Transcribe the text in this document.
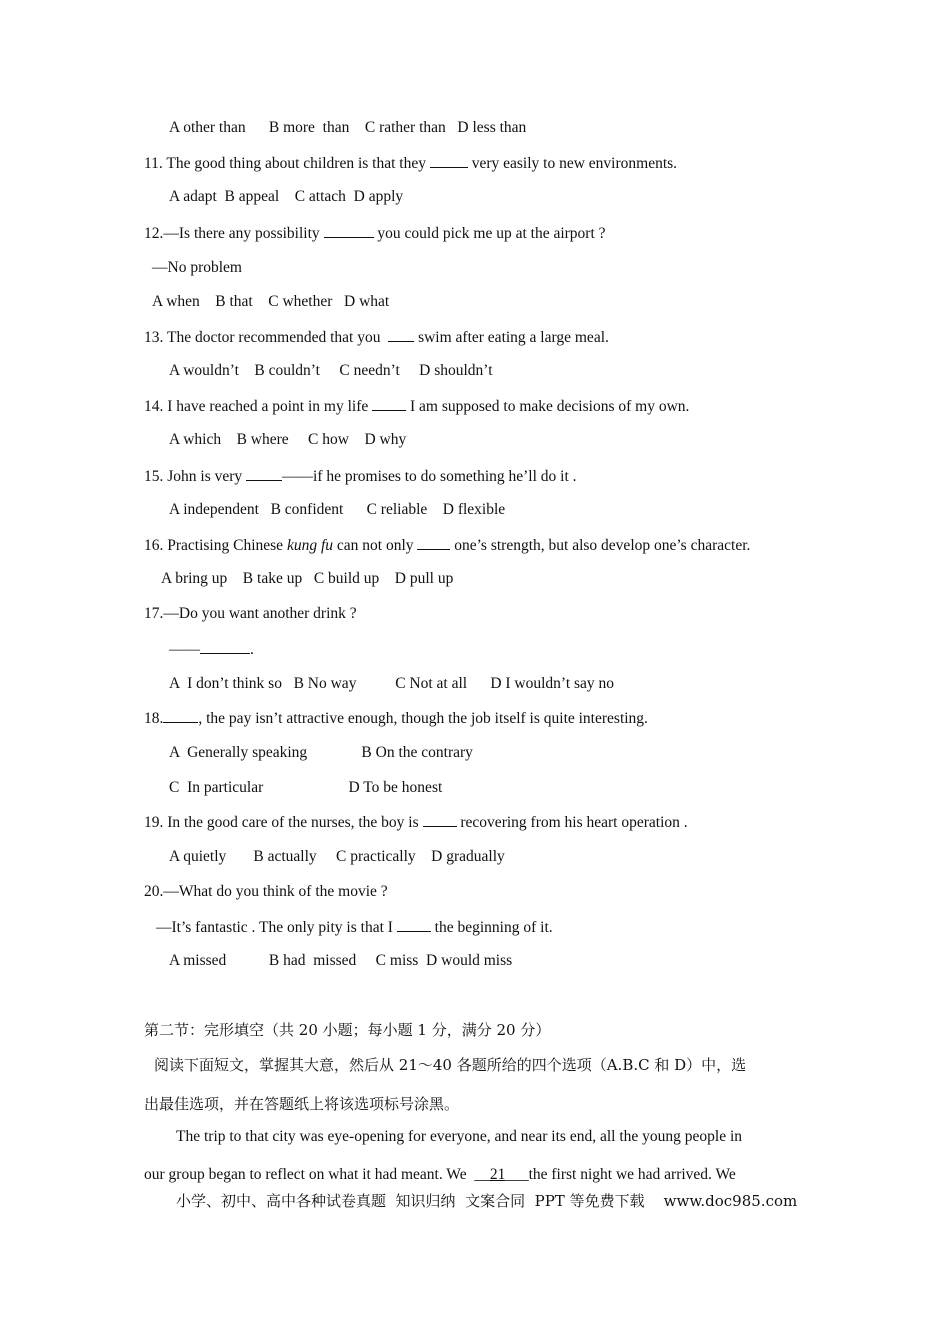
A other than      B more  than    C rather than   D less than
11. The good thing about children is that they  very easily to new environments.
A adapt  B appeal    C attach  D apply
12.—Is there any possibility	you could pick me up at the airport ?
—No problem
A when    B that    C whether   D what
13. The doctor recommended that you   swim after eating a large meal.
A wouldn’t    B couldn’t     C needn’t     D shouldn’t
14. I have reached a point in my life  I am supposed to make decisions of my own.
A which    B where     C how    D why
15. John is very ——if he promises to do something he’ll do it .
A independent   B confident      C reliable    D flexible
16. Practising Chinese kung fu can not only  one’s strength, but also develop one’s character.
A bring up    B take up   C build up    D pull up
17.—Do you want another drink ?
——	.
A  I don’t think so   B No way          C Not at all      D I wouldn’t say no
18. , the pay isn’t attractive enough, though the job itself is quite interesting.
A  Generally speaking              B On the contrary
C  In particular                      D To be honest
19. In the good care of the nurses, the boy is  recovering from his heart operation .
A quietly       B actually     C practically    D gradually
20.—What do you think of the movie ?
—It’s fantastic . The only pity is that I  the beginning of it.
A missed           B had  missed     C miss  D would miss
第二节：完形填空（共 20 小题；每小题 1 分，满分 20 分）
阅读下面短文，掌握其大意，然后从 21～40 各题所给的四个选项（A.B.C 和 D）中，选
出最佳选项，并在答题纸上将该选项标号涂黑。
The trip to that city was eye-opening for everyone, and near its end, all the young people in
our group began to reflect on what it had meant. We  __21___the first night we had arrived. We
小学、初中、高中各种试卷真题  知识归纳  文案合同  PPT 等免费下载    www.doc985.com
